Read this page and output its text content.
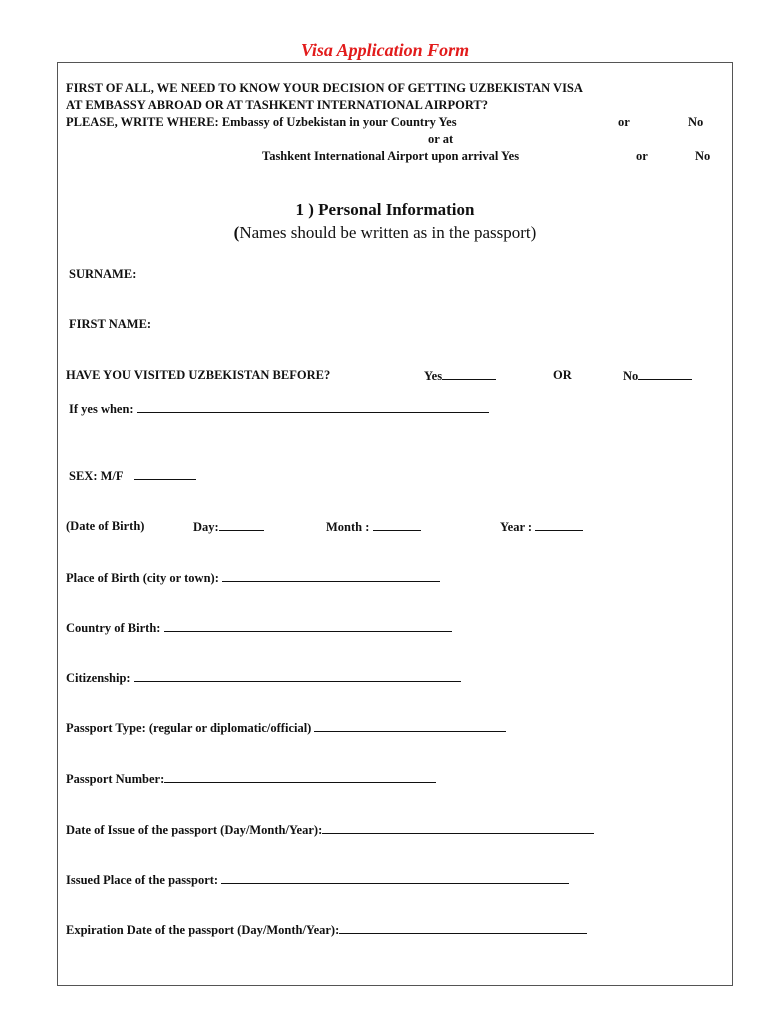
Visa Application Form
FIRST OF ALL, WE NEED TO KNOW YOUR DECISION OF GETTING UZBEKISTAN VISA
AT EMBASSY ABROAD OR AT TASHKENT INTERNATIONAL AIRPORT?
PLEASE, WRITE WHERE: Embassy of Uzbekistan in your Country Yes	or	No
or at
Tashkent International Airport upon arrival Yes	or	No
1 ) Personal Information
(Names should be written as in the passport)
SURNAME:
FIRST NAME:
HAVE YOU VISITED UZBEKISTAN BEFORE?	Yes	OR	No
If yes when:
SEX: M/F
(Date of Birth)	Day:	Month :	Year :
Place of Birth (city or town):
Country of Birth:
Citizenship:
Passport Type: (regular or diplomatic/official)
Passport Number:
Date of Issue of the passport (Day/Month/Year):
Issued Place of the passport:
Expiration Date of the passport (Day/Month/Year):
